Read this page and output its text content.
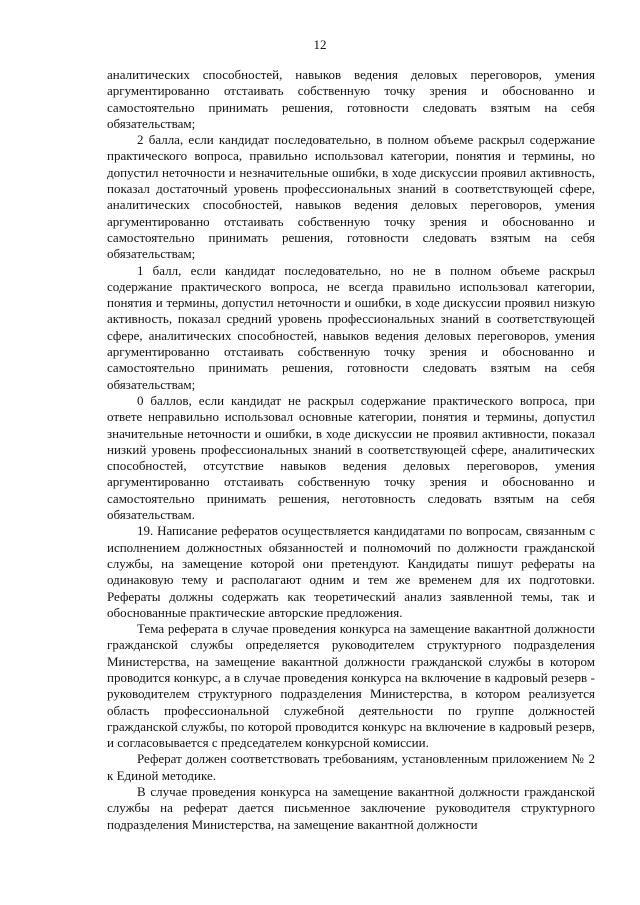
12

аналитических способностей, навыков ведения деловых переговоров, умения аргументированно отстаивать собственную точку зрения и обоснованно и самостоятельно принимать решения, готовности следовать взятым на себя обязательствам;

2 балла, если кандидат последовательно, в полном объеме раскрыл содержание практического вопроса, правильно использовал категории, понятия и термины, но допустил неточности и незначительные ошибки, в ходе дискуссии проявил активность, показал достаточный уровень профессиональных знаний в соответствующей сфере, аналитических способностей, навыков ведения деловых переговоров, умения аргументированно отстаивать собственную точку зрения и обоснованно и самостоятельно принимать решения, готовности следовать взятым на себя обязательствам;

1 балл, если кандидат последовательно, но не в полном объеме раскрыл содержание практического вопроса, не всегда правильно использовал категории, понятия и термины, допустил неточности и ошибки, в ходе дискуссии проявил низкую активность, показал средний уровень профессиональных знаний в соответствующей сфере, аналитических способностей, навыков ведения деловых переговоров, умения аргументированно отстаивать собственную точку зрения и обоснованно и самостоятельно принимать решения, готовности следовать взятым на себя обязательствам;

0 баллов, если кандидат не раскрыл содержание практического вопроса, при ответе неправильно использовал основные категории, понятия и термины, допустил значительные неточности и ошибки, в ходе дискуссии не проявил активности, показал низкий уровень профессиональных знаний в соответствующей сфере, аналитических способностей, отсутствие навыков ведения деловых переговоров, умения аргументированно отстаивать собственную точку зрения и обоснованно и самостоятельно принимать решения, неготовность следовать взятым на себя обязательствам.

19. Написание рефератов осуществляется кандидатами по вопросам, связанным с исполнением должностных обязанностей и полномочий по должности гражданской службы, на замещение которой они претендуют. Кандидаты пишут рефераты на одинаковую тему и располагают одним и тем же временем для их подготовки. Рефераты должны содержать как теоретический анализ заявленной темы, так и обоснованные практические авторские предложения.

Тема реферата в случае проведения конкурса на замещение вакантной должности гражданской службы определяется руководителем структурного подразделения Министерства, на замещение вакантной должности гражданской службы в котором проводится конкурс, а в случае проведения конкурса на включение в кадровый резерв - руководителем структурного подразделения Министерства, в котором реализуется область профессиональной служебной деятельности по группе должностей гражданской службы, по которой проводится конкурс на включение в кадровый резерв, и согласовывается с председателем конкурсной комиссии.

Реферат должен соответствовать требованиям, установленным приложением № 2 к Единой методике.

В случае проведения конкурса на замещение вакантной должности гражданской службы на реферат дается письменное заключение руководителя структурного подразделения Министерства, на замещение вакантной должности
